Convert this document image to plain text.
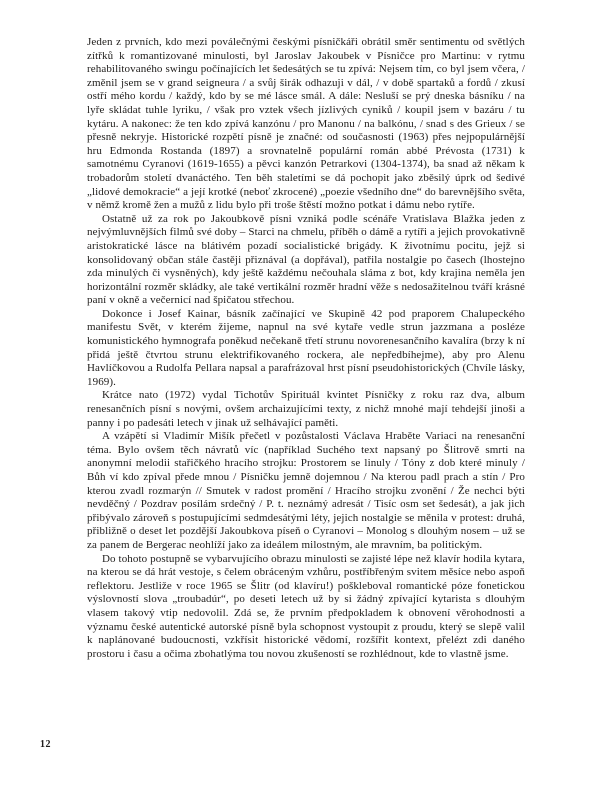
Jeden z prvních, kdo mezi poválečnými českými písničkáři obrátil směr sentimentu od světlých zítřků k romantizované minulosti, byl Jaroslav Jakoubek v Písničce pro Martinu: v rytmu rehabilitovaného swingu počínajících let šedesátých se tu zpívá: Nejsem tím, co byl jsem včera, / změnil jsem se v grand seigneura / a svůj širák odhazuji v dál, / v době spartaků a fordů / zkusí ostří mého kordu / každý, kdo by se mé lásce smál. A dále: Nesluší se prý dneska básníku / na lyře skládat tuhle lyriku, / však pro vztek všech jízlivých cyniků / koupil jsem v bazáru / tu kytáru. A nakonec: že ten kdo zpívá kanzónu / pro Manonu / na balkónu, / snad s des Grieux / se přesně nekryje. Historické rozpětí písně je značné: od současnosti (1963) přes nejpopulárnější hru Edmonda Rostanda (1897) a srovnatelně populární román abbé Prévosta (1731) k samotnému Cyranovi (1619-1655) a pěvci kanzón Petrarkovi (1304-1374), ba snad až někam k trobadorům století dvanáctého. Ten běh staletími se dá pochopit jako zběsilý úprk od šedivé „lidové demokracie“ a její krotké (neboť zkrocené) „poezie všedního dne“ do barevnějšího světa, v němž kromě žen a mužů z lidu bylo při troše štěstí možno potkat i dámu nebo rytíře.

Ostatně už za rok po Jakoubkově písni vzniká podle scénáře Vratislava Blažka jeden z nejvýmluvnějších filmů své doby – Starci na chmelu, příběh o dámě a rytíři a jejich provokativně aristokratické lásce na blátivém pozadí socialistické brigády. K životnímu pocitu, jejž si konsolidovaný občan stále častěji přiznával (a dopřával), patřila nostalgie po časech (lhostejno zda minulých či vysněných), kdy ještě každému nečouhala sláma z bot, kdy krajina neměla jen horizontální rozměr skládky, ale také vertikální rozměr hradní věže s nedosažitelnou tváří krásné paní v okně a večernicí nad špičatou střechou.

Dokonce i Josef Kainar, básník začínající ve Skupině 42 pod praporem Chalupeckého manifestu Svět, v kterém žijeme, napnul na své kytaře vedle strun jazzmana a posléze komunistického hymnografa poněkud nečekaně třetí strunu novorenesančního kavalíra (brzy k ní přidá ještě čtvrtou strunu elektrifikovaného rockera, ale nepředbíhejme), aby pro Alenu Havlíčkovou a Rudolfa Pellara napsal a parafrázoval hrst písní pseudohistorických (Chvíle lásky, 1969).

Krátce nato (1972) vydal Tichotův Spirituál kvintet Písničky z roku raz dva, album renesančních písní s novými, ovšem archaizujícími texty, z nichž mnohé mají tehdejší jinoši a panny i po padesáti letech v jinak už selhávající paměti.

A vzápětí si Vladimír Mišík přečetl v pozůstalosti Václava Hraběte Variaci na renesanční téma. Bylo ovšem těch návratů víc (například Suchého text napsaný po Šlitrově smrti na anonymní melodii stařičkého hracího strojku: Prostorem se linuly / Tóny z dob které minuly / Bůh ví kdo zpíval přede mnou / Písničku jemně dojemnou / Na kterou padl prach a stín / Pro kterou zvadl rozmarýn // Smutek v radost promění / Hracího strojku zvonění / Že nechci býti nevděčný / Pozdrav posílám srdečný / P. t. neznámý adresát / Tisíc osm set šedesát), a jak jich přibývalo zároveň s postupujícími sedmdesátými léty, jejich nostalgie se měnila v protest: druhá, přibližně o deset let pozdější Jakoubkova píseň o Cyranovi – Monolog s dlouhým nosem – už se za panem de Bergerac neohlíží jako za ideálem milostným, ale mravním, ba politickým.

Do tohoto postupně se vybarvujícího obrazu minulosti se zajisté lépe než klavír hodila kytara, na kterou se dá hrát vestoje, s čelem obráceným vzhůru, postříbřeným svitem měsíce nebo aspoň reflektoru. Jestliže v roce 1965 se Šlitr (od klavíru!) poškleboval romantické póze fonetickou výslovností slova „troubadúr“, po deseti letech už by si žádný zpívající kytarista s dlouhým vlasem takový vtip nedovolil. Zdá se, že prvním předpokladem k obnovení věrohodnosti a významu české autentické autorské písně byla schopnost vystoupit z proudu, který se slepě valil k naplánované budoucnosti, vzkřísit historické vědomí, rozšířit kontext, přelézt zdi daného prostoru i času a očima zbohatlýma tou novou zkušeností se rozhlédnout, kde to vlastně jsme.

12
